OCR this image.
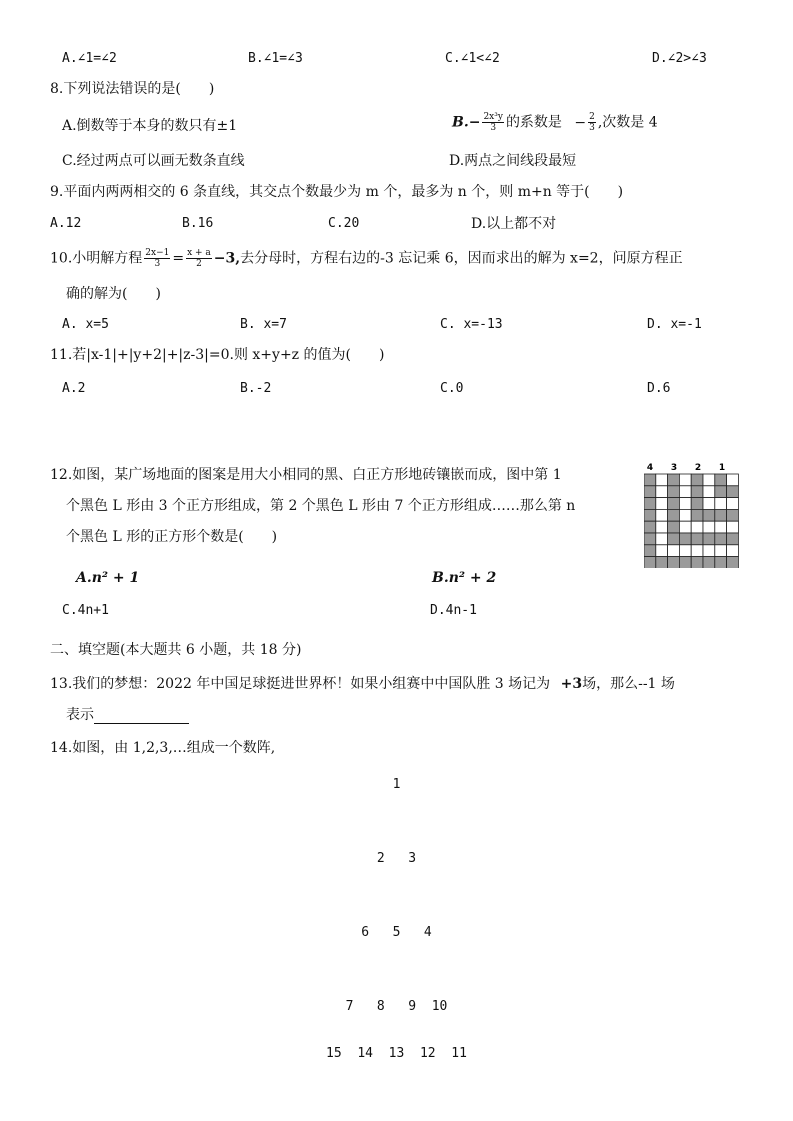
A.∠1=∠2	B.∠1=∠3	C.∠1<∠2	D.∠2>∠3
8.下列说法错误的是(　　)
A.倒数等于本身的数只有±1	$B.- \frac{\text{2x³y}}{3}$ 的系数是 − $\frac{2}{3}$ ,次数是 4
C.经过两点可以画无数条直线	D.两点之间线段最短
9.平面内两两相交的 6 条直线，其交点个数最少为 m 个，最多为 n 个，则 m+n 等于(　　)
A.12	B.16	C.20	D.以上都不对
10.小明解方程 $\frac{2x-1}{3} = \frac{x + a}{2} -3$,去分母时，方程右边的-3 忘记乘 6，因而求出的解为 x=2，问原方程正
确的解为(　　)
A. x=5	B. x=7	C. x=-13	D. x=-1
11.若|x-1|+|y+2|+|z-3|=0.则 x+y+z 的值为(　　)
A.2	B.-2	C.0	D.6
12.如图，某广场地面的图案是用大小相同的黑、白正方形地砖镶嵌而成，图中第 1
个黑色 L 形由 3 个正方形组成，第 2 个黑色 L 形由 7 个正方形组成……那么第 n
个黑色 L 形的正方形个数是(　　)
A.n² + 1	B.n² + 2
C.4n+1	D.4n-1
4 3 2 1
二、填空题(本大题共 6 小题，共 18 分)
13.我们的梦想：2022 年中国足球挺进世界杯！如果小组赛中中国队胜 3 场记为 +3场，那么--1 场
表示
14.如图，由 1,2,3,…组成一个数阵,
1
2   3
6   5   4
7   8   9  10
15  14  13  12  11
